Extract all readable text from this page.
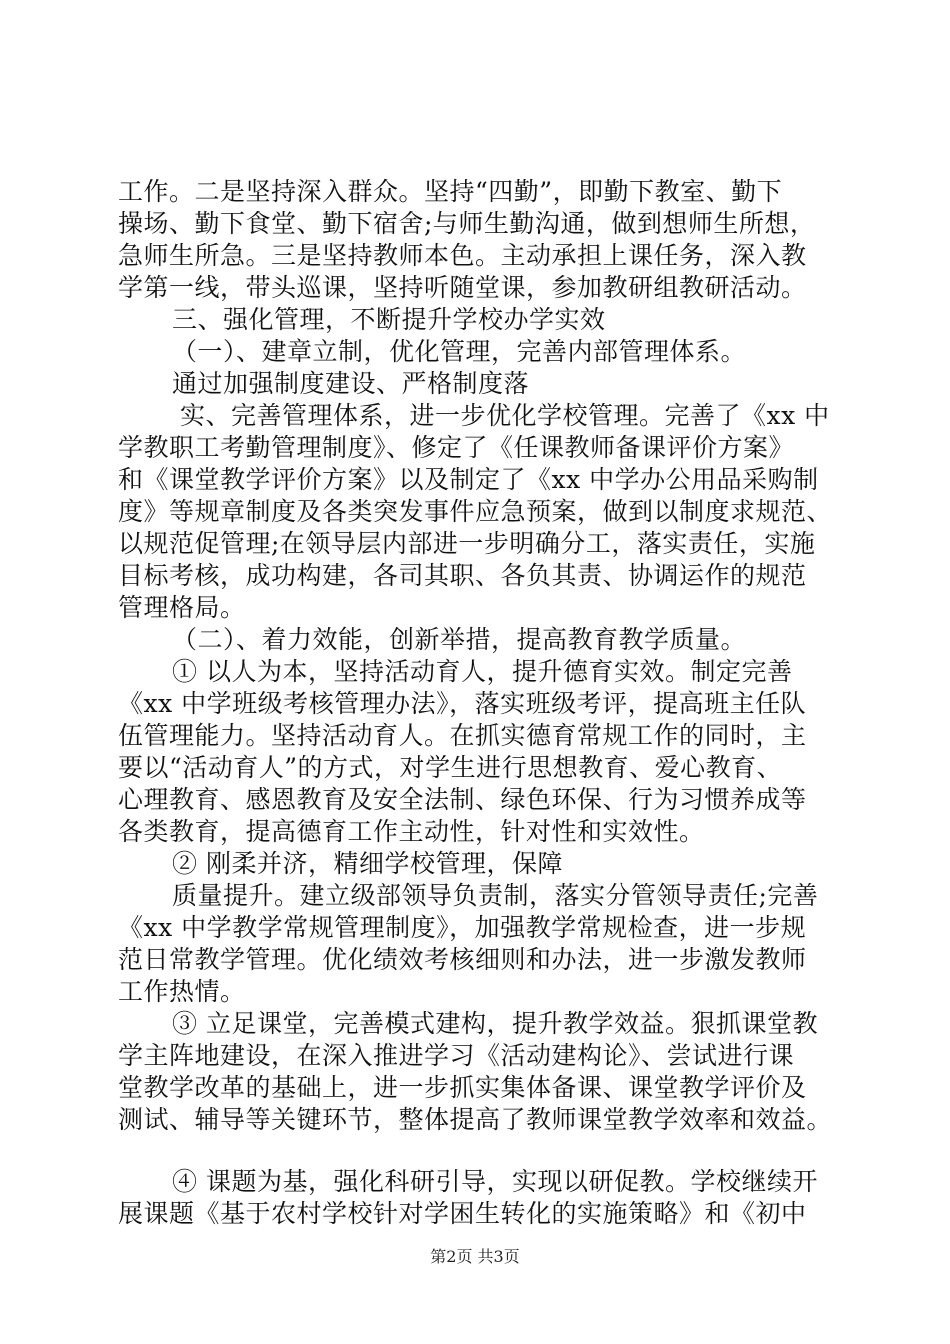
工作。二是坚持深入群众。坚持“四勤”，即勤下教室、勤下
操场、勤下食堂、勤下宿舍;与师生勤沟通，做到想师生所想，
急师生所急。三是坚持教师本色。主动承担上课任务，深入教
学第一线，带头巡课，坚持听随堂课，参加教研组教研活动。
三、强化管理，不断提升学校办学实效
（一）、建章立制，优化管理，完善内部管理体系。
通过加强制度建设、严格制度落
实、完善管理体系，进一步优化学校管理。完善了《xx 中
学教职工考勤管理制度》、修定了《任课教师备课评价方案》
和《课堂教学评价方案》以及制定了《xx 中学办公用品采购制
度》等规章制度及各类突发事件应急预案，做到以制度求规范、
以规范促管理;在领导层内部进一步明确分工，落实责任，实施
目标考核，成功构建，各司其职、各负其责、协调运作的规范
管理格局。
（二）、着力效能，创新举措，提高教育教学质量。
① 以人为本，坚持活动育人，提升德育实效。制定完善
《xx 中学班级考核管理办法》，落实班级考评，提高班主任队
伍管理能力。坚持活动育人。在抓实德育常规工作的同时，主
要以“活动育人”的方式，对学生进行思想教育、爱心教育、
心理教育、感恩教育及安全法制、绿色环保、行为习惯养成等
各类教育，提高德育工作主动性，针对性和实效性。
② 刚柔并济，精细学校管理，保障
质量提升。建立级部领导负责制，落实分管领导责任;完善
《xx 中学教学常规管理制度》，加强教学常规检查，进一步规
范日常教学管理。优化绩效考核细则和办法，进一步激发教师
工作热情。
③ 立足课堂，完善模式建构，提升教学效益。狠抓课堂教
学主阵地建设，在深入推进学习《活动建构论》、尝试进行课
堂教学改革的基础上，进一步抓实集体备课、课堂教学评价及
测试、辅导等关键环节，整体提高了教师课堂教学效率和效益。
④ 课题为基，强化科研引导，实现以研促教。学校继续开
展课题《基于农村学校针对学困生转化的实施策略》和《初中
第2页 共3页
